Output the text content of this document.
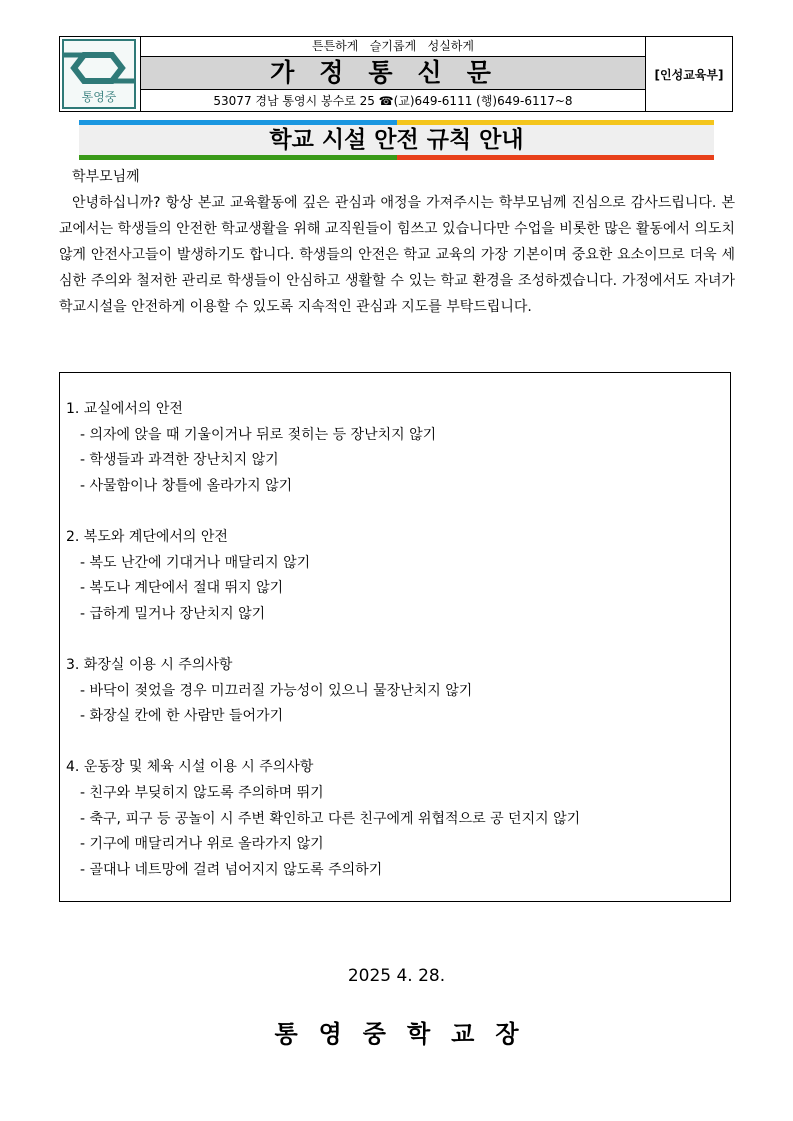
통영중
	튼튼하게   슬기롭게   성실하게	[인성교육부]
가정통신문
53077 경남 통영시 봉수로 25 ☎(교)649-6111 (행)649-6117~8
학교 시설 안전 규칙 안내
학부모님께
안녕하십니까? 항상 본교 교육활동에 깊은 관심과 애정을 가져주시는 학부모님께 진심으로 감사드립니다. 본교에서는 학생들의 안전한 학교생활을 위해 교직원들이 힘쓰고 있습니다만 수업을 비롯한 많은 활동에서 의도치 않게 안전사고들이 발생하기도 합니다. 학생들의 안전은 학교 교육의 가장 기본이며 중요한 요소이므로 더욱 세심한 주의와 철저한 관리로 학생들이 안심하고 생활할 수 있는 학교 환경을 조성하겠습니다. 가정에서도 자녀가 학교시설을 안전하게 이용할 수 있도록 지속적인 관심과 지도를 부탁드립니다.
1. 교실에서의 안전
- 의자에 앉을 때 기울이거나 뒤로 젖히는 등 장난치지 않기
- 학생들과 과격한 장난치지 않기
- 사물함이나 창틀에 올라가지 않기
2. 복도와 계단에서의 안전
- 복도 난간에 기대거나 매달리지 않기
- 복도나 계단에서 절대 뛰지 않기
- 급하게 밀거나 장난치지 않기
3. 화장실 이용 시 주의사항
- 바닥이 젖었을 경우 미끄러질 가능성이 있으니 물장난치지 않기
- 화장실 칸에 한 사람만 들어가기
4. 운동장 및 체육 시설 이용 시 주의사항
- 친구와 부딪히지 않도록 주의하며 뛰기
- 축구, 피구 등 공놀이 시 주변 확인하고 다른 친구에게 위협적으로 공 던지지 않기
- 기구에 매달리거나 위로 올라가지 않기
- 골대나 네트망에 걸려 넘어지지 않도록 주의하기
2025 4. 28.
통영중학교장
